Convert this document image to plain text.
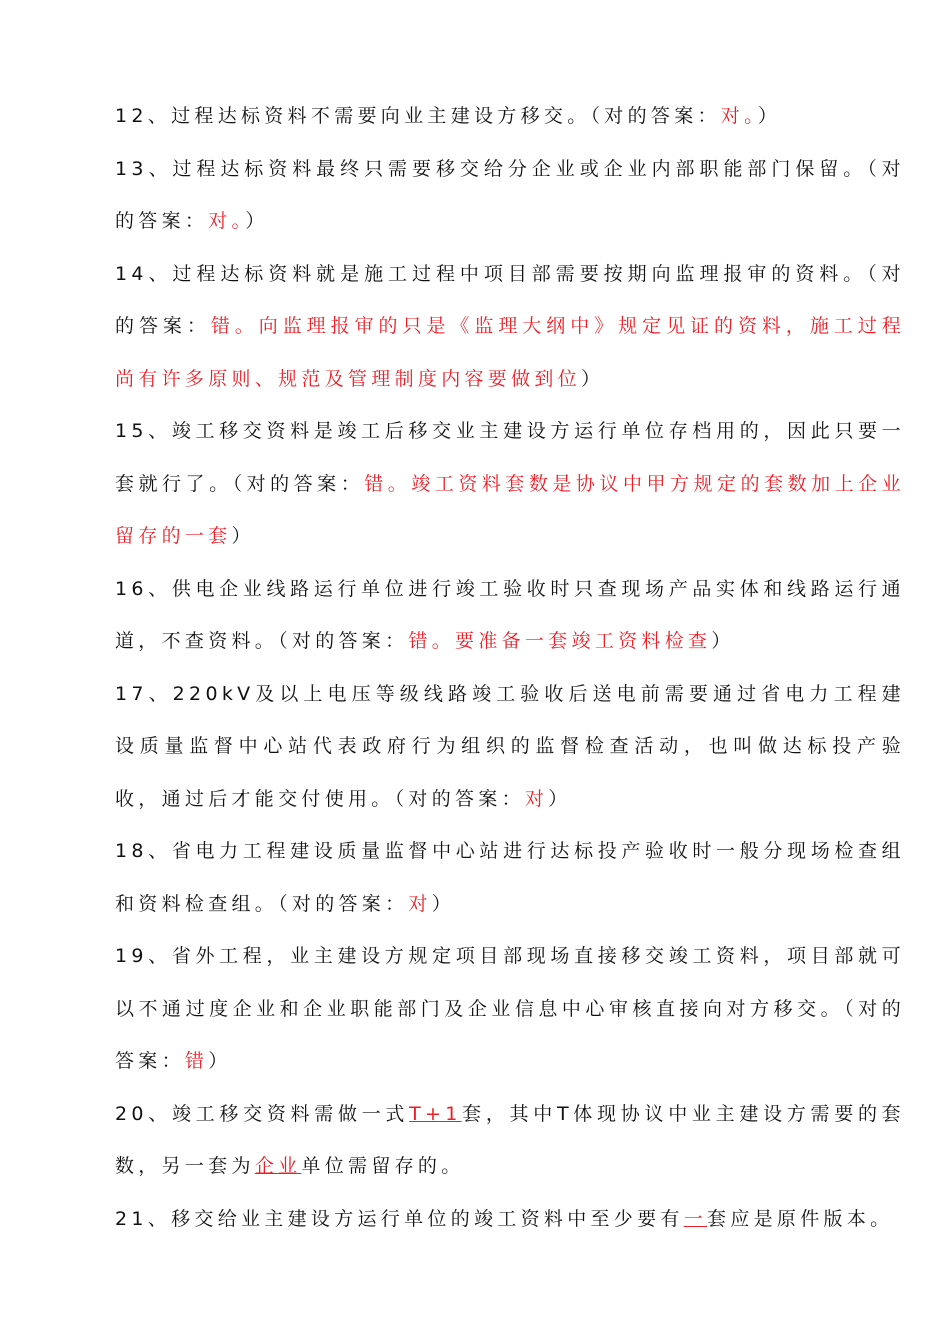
12、过程达标资料不需要向业主建设方移交。（对的答案：对。）

13、过程达标资料最终只需要移交给分企业或企业内部职能部门保留。（对的答案：对。）

14、过程达标资料就是施工过程中项目部需要按期向监理报审的资料。（对的答案：错。向监理报审的只是《监理大纲中》规定见证的资料，施工过程尚有许多原则、规范及管理制度内容要做到位）

15、竣工移交资料是竣工后移交业主建设方运行单位存档用的，因此只要一套就行了。（对的答案：错。竣工资料套数是协议中甲方规定的套数加上企业留存的一套）

16、供电企业线路运行单位进行竣工验收时只查现场产品实体和线路运行通道，不查资料。（对的答案：错。要准备一套竣工资料检查）

17、220kV及以上电压等级线路竣工验收后送电前需要通过省电力工程建设质量监督中心站代表政府行为组织的监督检查活动，也叫做达标投产验收，通过后才能交付使用。（对的答案：对）

18、省电力工程建设质量监督中心站进行达标投产验收时一般分现场检查组和资料检查组。（对的答案：对）

19、省外工程，业主建设方规定项目部现场直接移交竣工资料，项目部就可以不通过度企业和企业职能部门及企业信息中心审核直接向对方移交。（对的答案：错）

20、竣工移交资料需做一式T+1套，其中T体现协议中业主建设方需要的套数，另一套为企业单位需留存的。

21、移交给业主建设方运行单位的竣工资料中至少要有一套应是原件版本。
